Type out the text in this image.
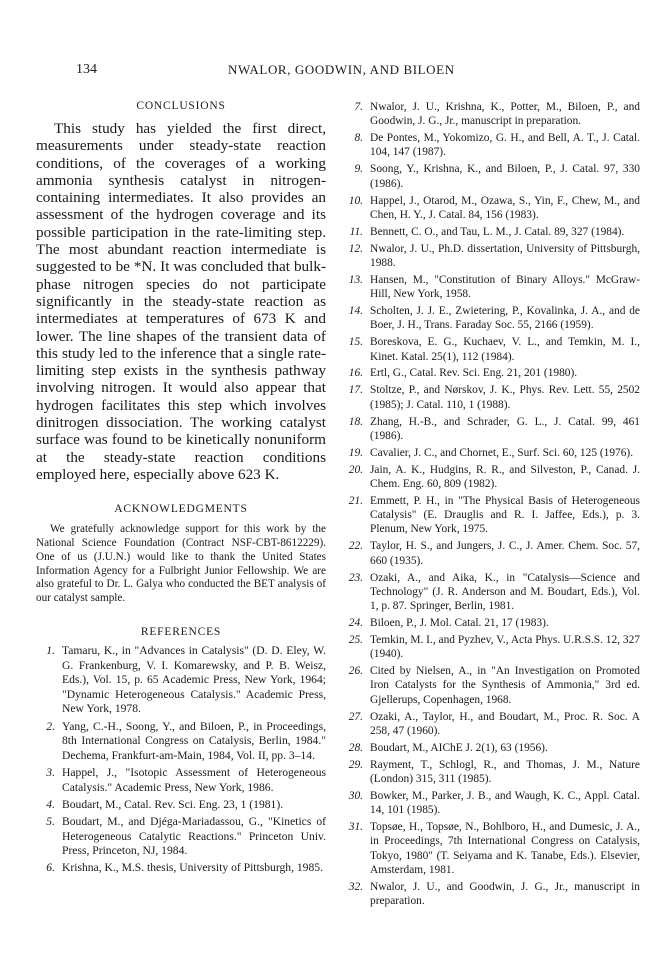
134	NWALOR, GOODWIN, AND BILOEN
CONCLUSIONS

This study has yielded the first direct, measurements under steady-state reaction conditions, of the coverages of a working ammonia synthesis catalyst in nitrogen-containing intermediates. It also provides an assessment of the hydrogen coverage and its possible participation in the rate-limiting step. The most abundant reaction intermediate is suggested to be *N. It was concluded that bulk-phase nitrogen species do not participate significantly in the steady-state reaction as intermediates at temperatures of 673 K and lower. The line shapes of the transient data of this study led to the inference that a single rate-limiting step exists in the synthesis pathway involving nitrogen. It would also appear that hydrogen facilitates this step which involves dinitrogen dissociation. The working catalyst surface was found to be kinetically nonuniform at the steady-state reaction conditions employed here, especially above 623 K.

ACKNOWLEDGMENTS

We gratefully acknowledge support for this work by the National Science Foundation (Contract NSF-CBT-8612229). One of us (J.U.N.) would like to thank the United States Information Agency for a Fulbright Junior Fellowship. We are also grateful to Dr. L. Galya who conducted the BET analysis of our catalyst sample.

REFERENCES
1. Tamaru, K., in "Advances in Catalysis" (D. D. Eley, W. G. Frankenburg, V. I. Komarewsky, and P. B. Weisz, Eds.), Vol. 15, p. 65 Academic Press, New York, 1964; "Dynamic Heterogeneous Catalysis." Academic Press, New York, 1978.
2. Yang, C.-H., Soong, Y., and Biloen, P., in Proceedings, 8th International Congress on Catalysis, Berlin, 1984." Dechema, Frankfurt-am-Main, 1984, Vol. II, pp. 3–14.
3. Happel, J., "Isotopic Assessment of Heterogeneous Catalysis." Academic Press, New York, 1986.
4. Boudart, M., Catal. Rev. Sci. Eng. 23, 1 (1981).
5. Boudart, M., and Djéga-Mariadassou, G., "Kinetics of Heterogeneous Catalytic Reactions." Princeton Univ. Press, Princeton, NJ, 1984.
6. Krishna, K., M.S. thesis, University of Pittsburgh, 1985.
7. Nwalor, J. U., Krishna, K., Potter, M., Biloen, P., and Goodwin, J. G., Jr., manuscript in preparation.
8. De Pontes, M., Yokomizo, G. H., and Bell, A. T., J. Catal. 104, 147 (1987).
9. Soong, Y., Krishna, K., and Biloen, P., J. Catal. 97, 330 (1986).
10. Happel, J., Otarod, M., Ozawa, S., Yin, F., Chew, M., and Chen, H. Y., J. Catal. 84, 156 (1983).
11. Bennett, C. O., and Tau, L. M., J. Catal. 89, 327 (1984).
12. Nwalor, J. U., Ph.D. dissertation, University of Pittsburgh, 1988.
13. Hansen, M., "Constitution of Binary Alloys." McGraw-Hill, New York, 1958.
14. Scholten, J. J. E., Zwietering, P., Kovalinka, J. A., and de Boer, J. H., Trans. Faraday Soc. 55, 2166 (1959).
15. Boreskova, E. G., Kuchaev, V. L., and Temkin, M. I., Kinet. Katal. 25(1), 112 (1984).
16. Ertl, G., Catal. Rev. Sci. Eng. 21, 201 (1980).
17. Stoltze, P., and Nørskov, J. K., Phys. Rev. Lett. 55, 2502 (1985); J. Catal. 110, 1 (1988).
18. Zhang, H.-B., and Schrader, G. L., J. Catal. 99, 461 (1986).
19. Cavalier, J. C., and Chornet, E., Surf. Sci. 60, 125 (1976).
20. Jain, A. K., Hudgins, R. R., and Silveston, P., Canad. J. Chem. Eng. 60, 809 (1982).
21. Emmett, P. H., in "The Physical Basis of Heterogeneous Catalysis" (E. Drauglis and R. I. Jaffee, Eds.), p. 3. Plenum, New York, 1975.
22. Taylor, H. S., and Jungers, J. C., J. Amer. Chem. Soc. 57, 660 (1935).
23. Ozaki, A., and Aika, K., in "Catalysis—Science and Technology" (J. R. Anderson and M. Boudart, Eds.), Vol. 1, p. 87. Springer, Berlin, 1981.
24. Biloen, P., J. Mol. Catal. 21, 17 (1983).
25. Temkin, M. I., and Pyzhev, V., Acta Phys. U.R.S.S. 12, 327 (1940).
26. Cited by Nielsen, A., in "An Investigation on Promoted Iron Catalysts for the Synthesis of Ammonia," 3rd ed. Gjellerups, Copenhagen, 1968.
27. Ozaki, A., Taylor, H., and Boudart, M., Proc. R. Soc. A 258, 47 (1960).
28. Boudart, M., AIChE J. 2(1), 63 (1956).
29. Rayment, T., Schlogl, R., and Thomas, J. M., Nature (London) 315, 311 (1985).
30. Bowker, M., Parker, J. B., and Waugh, K. C., Appl. Catal. 14, 101 (1985).
31. Topsøe, H., Topsøe, N., Bohlboro, H., and Dumesic, J. A., in Proceedings, 7th International Congress on Catalysis, Tokyo, 1980" (T. Seiyama and K. Tanabe, Eds.). Elsevier, Amsterdam, 1981.
32. Nwalor, J. U., and Goodwin, J. G., Jr., manuscript in preparation.
